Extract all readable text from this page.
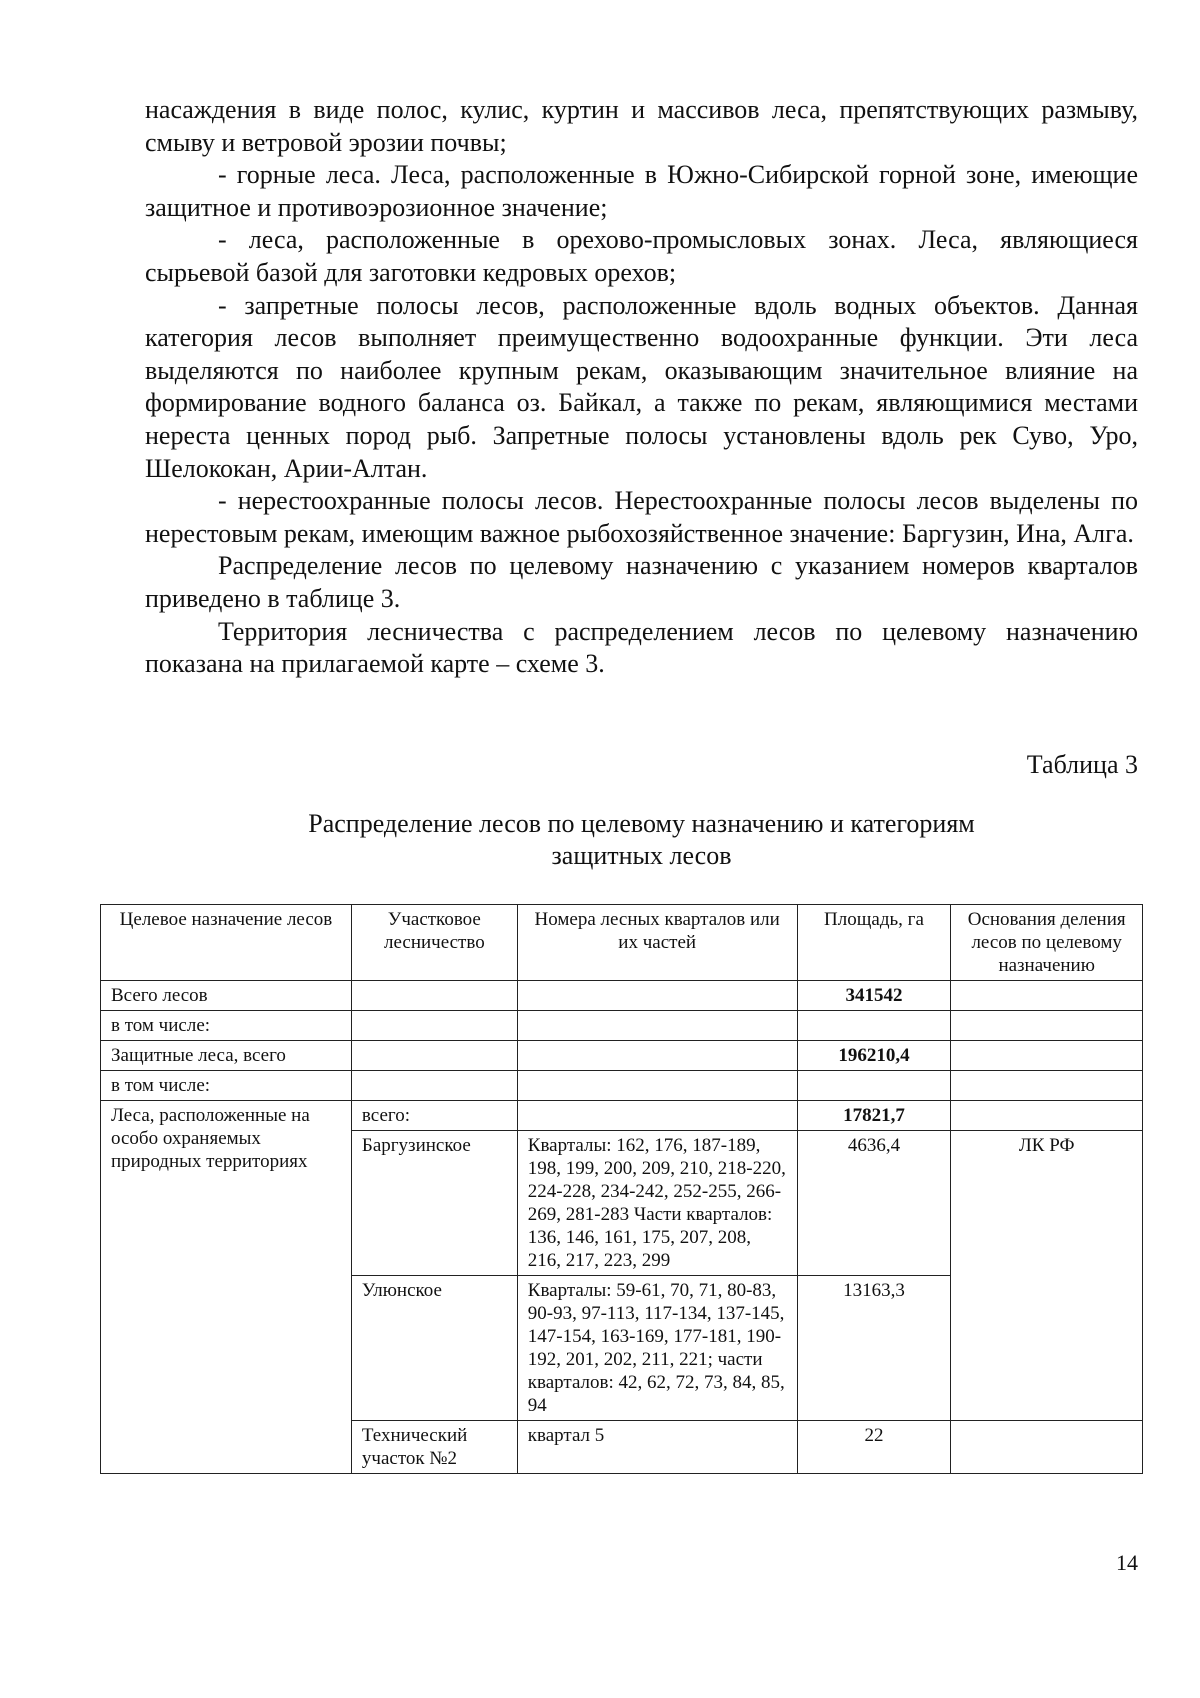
насаждения в виде полос, кулис, куртин и массивов леса, препятствующих размыву, смыву и ветровой эрозии почвы;

- горные леса. Леса, расположенные в Южно-Сибирской горной зоне, имеющие защитное и противоэрозионное значение;

- леса, расположенные в орехово-промысловых зонах. Леса, являющиеся сырьевой базой для заготовки кедровых орехов;

- запретные полосы лесов, расположенные вдоль водных объектов. Данная категория лесов выполняет преимущественно водоохранные функции. Эти леса выделяются по наиболее крупным рекам, оказывающим значительное влияние на формирование водного баланса оз. Байкал, а также по рекам, являющимися местами нереста ценных пород рыб. Запретные полосы установлены вдоль рек Суво, Уро, Шелококан, Арии-Алтан.

- нерестоохранные полосы лесов. Нерестоохранные полосы лесов выделены по нерестовым рекам, имеющим важное рыбохозяйственное значение: Баргузин, Ина, Алга.

Распределение лесов по целевому назначению с указанием номеров кварталов приведено в таблице 3.

Территория лесничества с распределением лесов по целевому назначению показана на прилагаемой карте – схеме 3.

Таблица 3
Распределение лесов по целевому назначению и категориям
защитных лесов
Целевое назначение лесов	Участковое лесничество	Номера лесных кварталов или их частей	Площадь, га	Основания деления лесов по целевому назначению
Всего лесов			341542	
в том числе:				
Защитные леса, всего			196210,4	
в том числе:				
Леса, расположенные на особо охраняемых природных территориях	всего:		17821,7	
	Баргузинское	Кварталы: 162, 176, 187-189, 198, 199, 200, 209, 210, 218-220, 224-228, 234-242, 252-255, 266-269, 281-283 Части кварталов: 136, 146, 161, 175, 207, 208, 216, 217, 223, 299	4636,4	ЛК РФ
	Улюнское	Кварталы: 59-61, 70, 71, 80-83, 90-93, 97-113, 117-134, 137-145, 147-154, 163-169, 177-181, 190-192, 201, 202, 211, 221; части кварталов: 42, 62, 72, 73, 84, 85, 94	13163,3	
	Технический участок №2	квартал 5	22	
14
